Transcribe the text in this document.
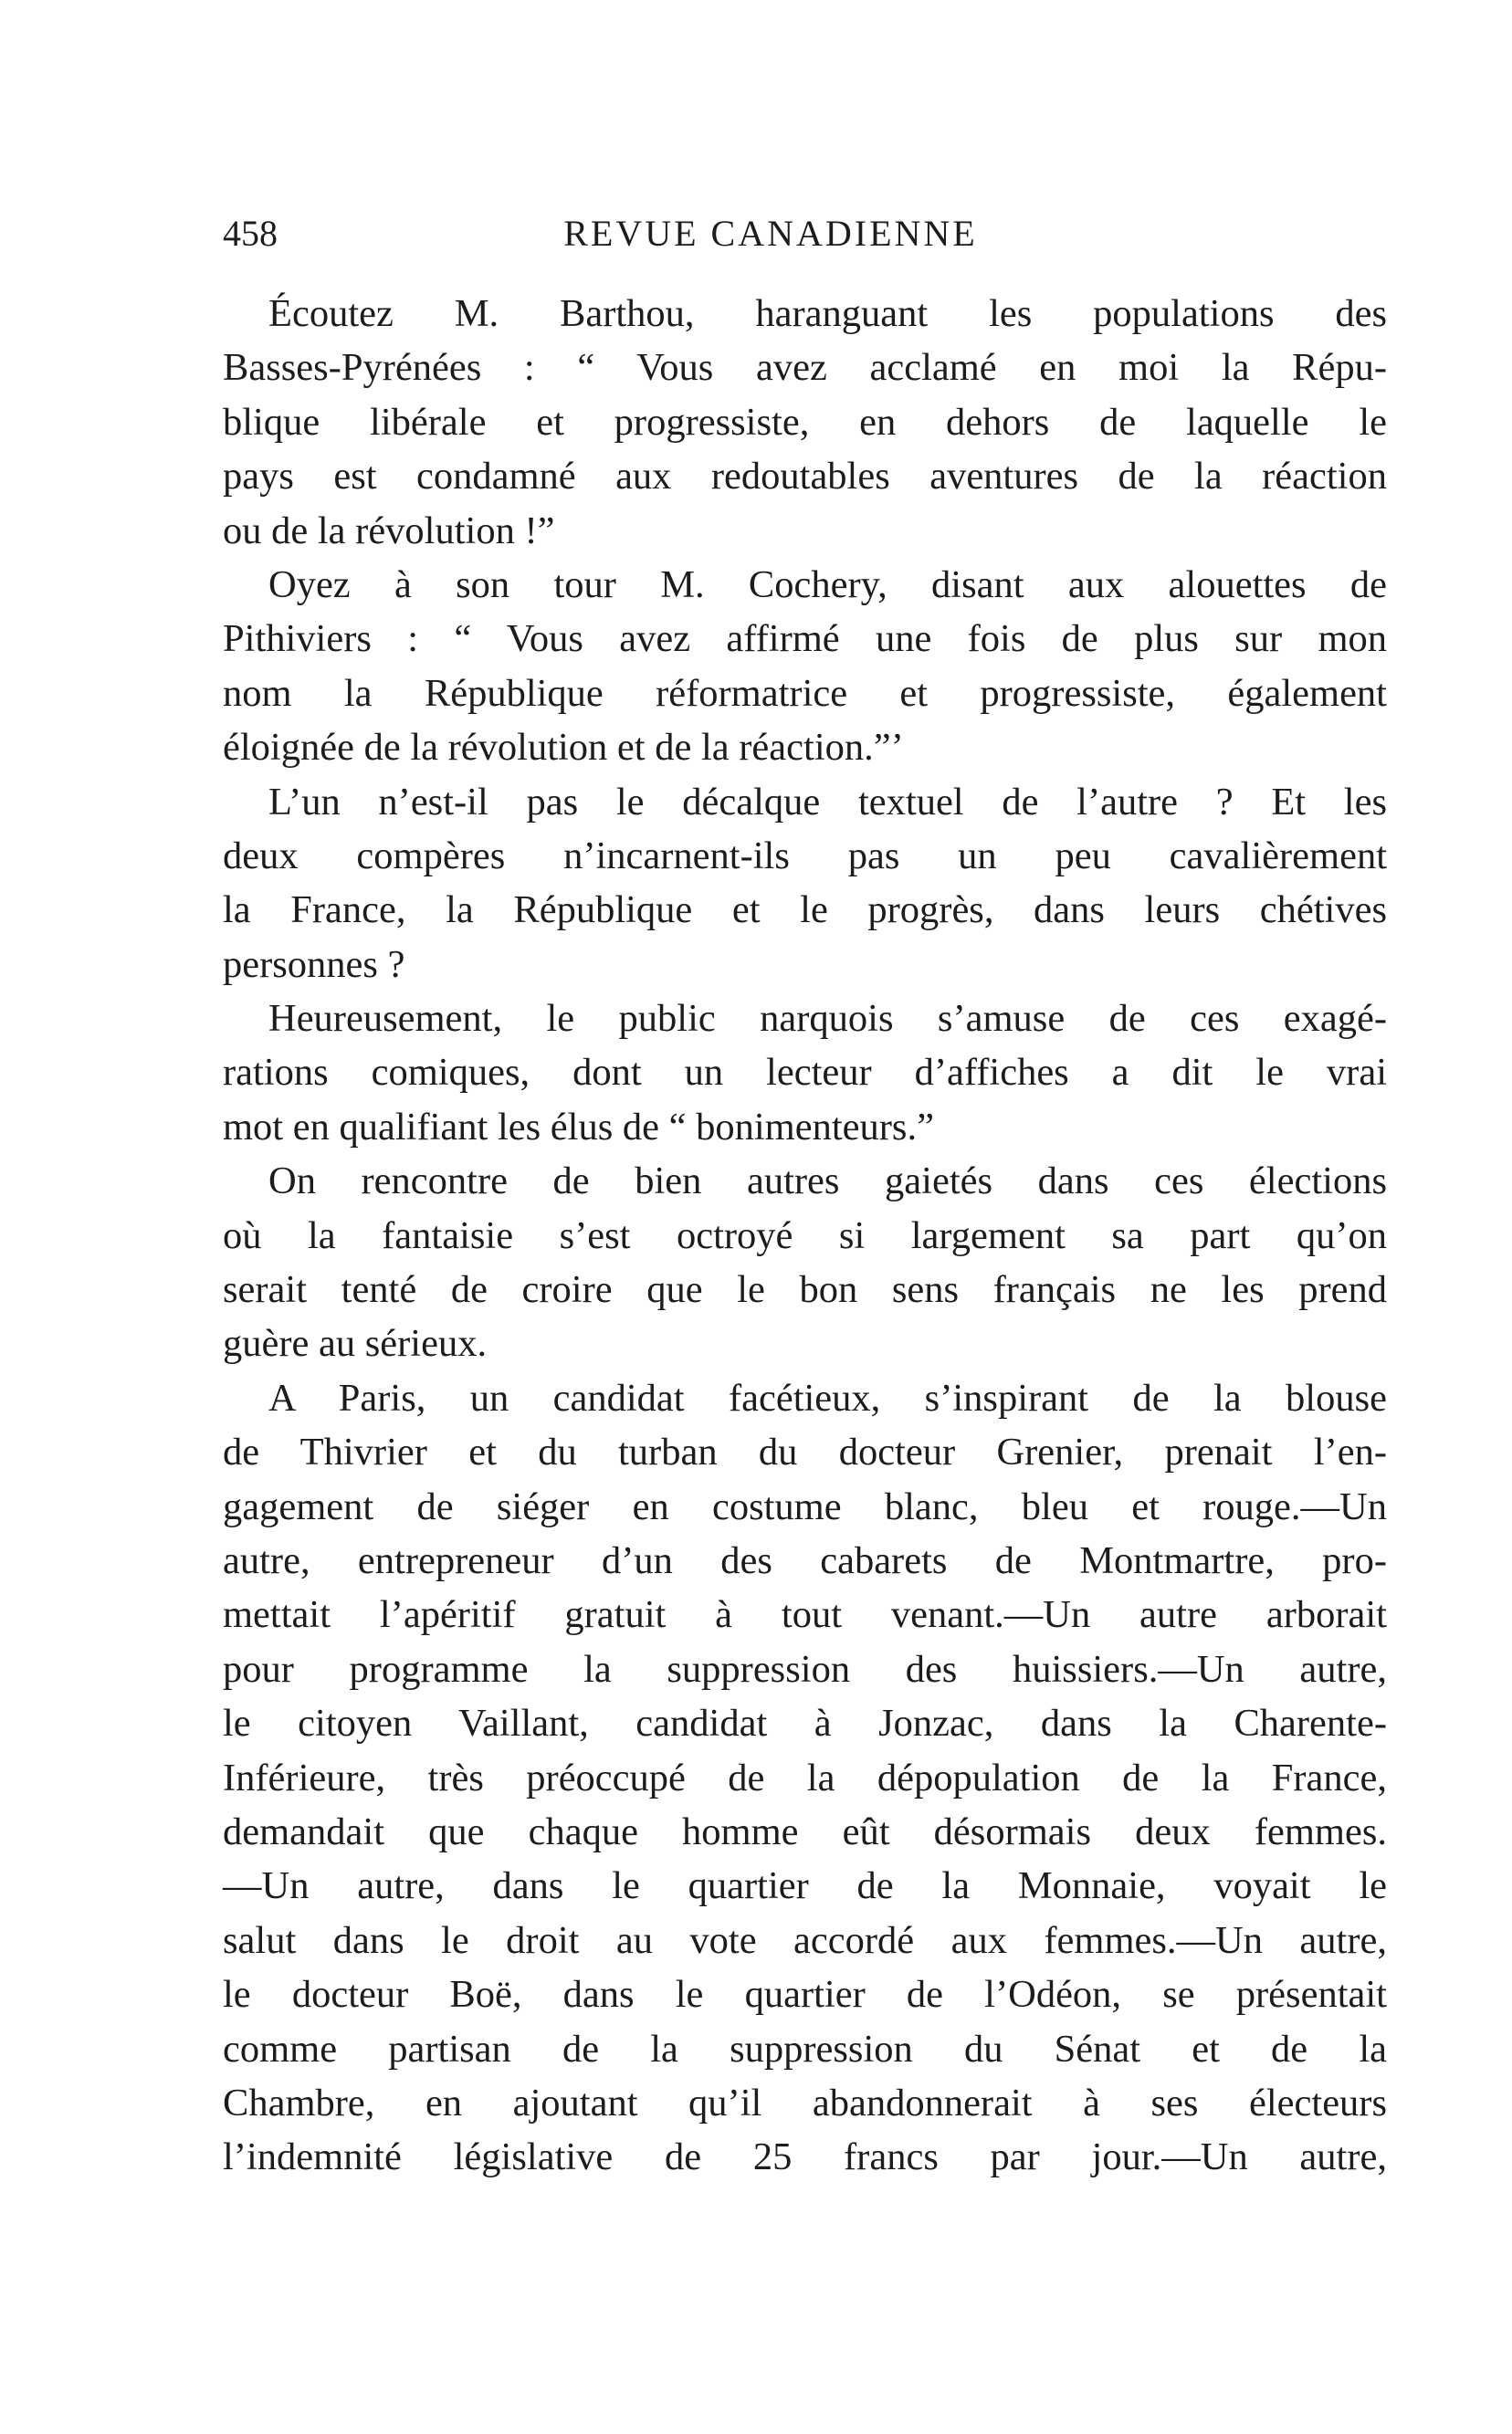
458	REVUE CANADIENNE
Écoutez M. Barthou, haranguant les populations des
Basses-Pyrénées : “ Vous avez acclamé en moi la Répu-
blique libérale et progressiste, en dehors de laquelle le
pays est condamné aux redoutables aventures de la réaction
ou de la révolution !”
Oyez à son tour M. Cochery, disant aux alouettes de
Pithiviers : “ Vous avez affirmé une fois de plus sur mon
nom la République réformatrice et progressiste, également
éloignée de la révolution et de la réaction.”’
L’un n’est-il pas le décalque textuel de l’autre ? Et les
deux compères n’incarnent-ils pas un peu cavalièrement
la France, la République et le progrès, dans leurs chétives
personnes ?
Heureusement, le public narquois s’amuse de ces exagé-
rations comiques, dont un lecteur d’affiches a dit le vrai
mot en qualifiant les élus de “ bonimenteurs.”
On rencontre de bien autres gaietés dans ces élections
où la fantaisie s’est octroyé si largement sa part qu’on
serait tenté de croire que le bon sens français ne les prend
guère au sérieux.
A Paris, un candidat facétieux, s’inspirant de la blouse
de Thivrier et du turban du docteur Grenier, prenait l’en-
gagement de siéger en costume blanc, bleu et rouge.—Un
autre, entrepreneur d’un des cabarets de Montmartre, pro-
mettait l’apéritif gratuit à tout venant.—Un autre arborait
pour programme la suppression des huissiers.—Un autre,
le citoyen Vaillant, candidat à Jonzac, dans la Charente-
Inférieure, très préoccupé de la dépopulation de la France,
demandait que chaque homme eût désormais deux femmes.
—Un autre, dans le quartier de la Monnaie, voyait le
salut dans le droit au vote accordé aux femmes.—Un autre,
le docteur Boë, dans le quartier de l’Odéon, se présentait
comme partisan de la suppression du Sénat et de la
Chambre, en ajoutant qu’il abandonnerait à ses électeurs
l’indemnité législative de 25 francs par jour.—Un autre,
